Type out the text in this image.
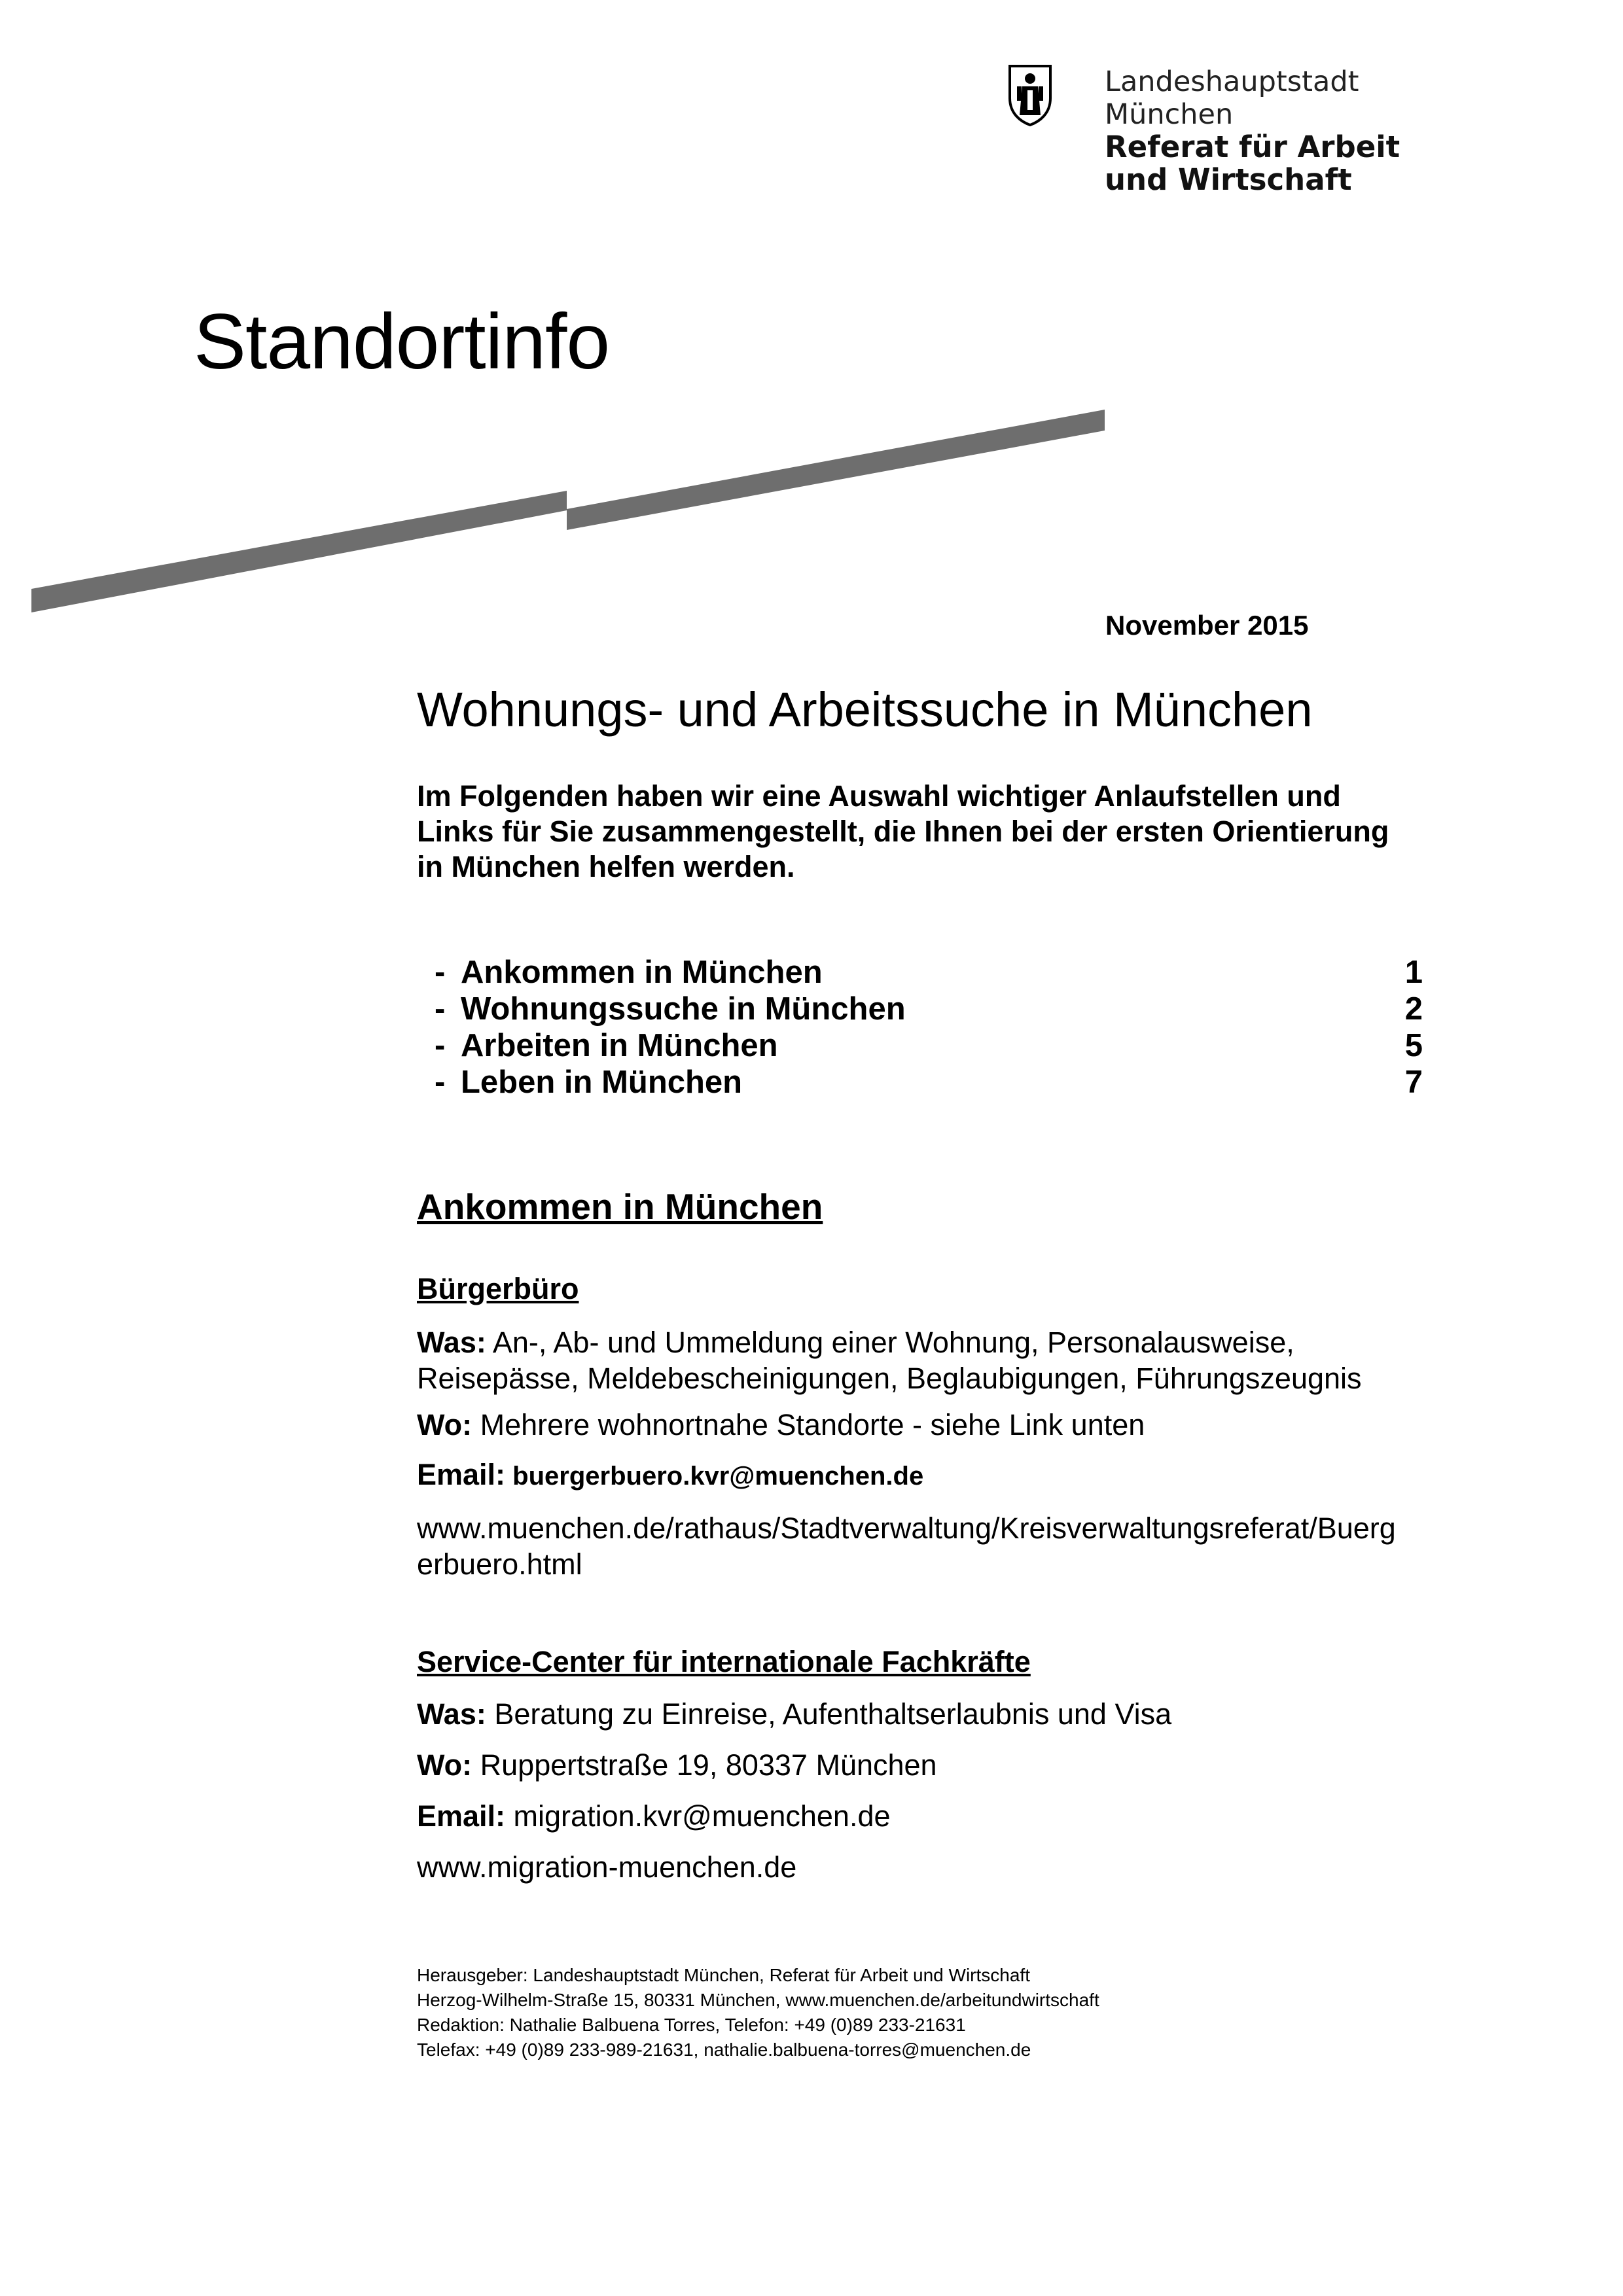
Landeshauptstadt
München
Referat für Arbeit
und Wirtschaft
Standortinfo
November 2015
Wohnungs- und Arbeitssuche in München
Im Folgenden haben wir eine Auswahl wichtiger Anlaufstellen und
Links für Sie zusammengestellt, die Ihnen bei der ersten Orientierung
in München helfen werden.
- Ankommen in München	1
- Wohnungssuche in München	2
- Arbeiten in München	5
- Leben in München	7
Ankommen in München
Bürgerbüro
Was: An-, Ab- und Ummeldung einer Wohnung, Personalausweise,
Reisepässe, Meldebescheinigungen, Beglaubigungen, Führungszeugnis
Wo: Mehrere wohnortnahe Standorte - siehe Link unten
Email: buergerbuero.kvr@muenchen.de
www.muenchen.de/rathaus/Stadtverwaltung/Kreisverwaltungsreferat/Buerg
erbuero.html
Service-Center für internationale Fachkräfte
Was: Beratung zu Einreise, Aufenthaltserlaubnis und Visa
Wo: Ruppertstraße 19, 80337 München
Email: migration.kvr@muenchen.de
www.migration-muenchen.de
Herausgeber: Landeshauptstadt München, Referat für Arbeit und Wirtschaft
Herzog-Wilhelm-Straße 15, 80331 München, www.muenchen.de/arbeitundwirtschaft
Redaktion: Nathalie Balbuena Torres, Telefon: +49 (0)89 233-21631
Telefax: +49 (0)89 233-989-21631, nathalie.balbuena-torres@muenchen.de
